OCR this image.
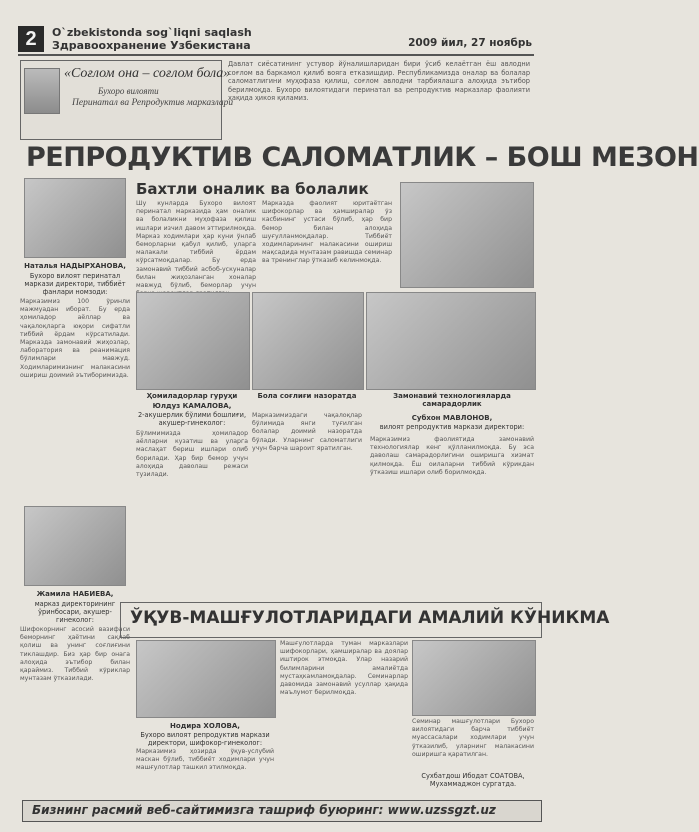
2	O`zbekistonda sog`liqni saqlash
Здравоохранение Узбекистана	2009 йил, 27 ноябрь
«Соғлом она – соғлом бола»
Бухоро вилояти
Перинатал ва Репродуктив марказлари
Давлат сиёсатининг устувор йўналишларидан бири ўсиб келаётган ёш авлодни соғлом ва баркамол қилиб вояга етказишдир. Республикамизда оналар ва болалар саломатлигини муҳофаза қилиш, соғлом авлодни тарбиялашга алоҳида эътибор берилмоқда. Бухоро вилоятидаги перинатал ва репродуктив марказлар фаолияти ҳақида ҳикоя қиламиз.
РЕПРОДУКТИВ САЛОМАТЛИК – БОШ МЕЗОН
Наталья НАДЫРХАНОВА,
Бухоро вилоят перинатал маркази директори, тиббиёт фанлари номзоди:
Марказимиз 100 ўринли мажмуадан иборат. Бу ерда ҳомиладор аёллар ва чақалоқларга юқори сифатли тиббий ёрдам кўрсатилади. Марказда замонавий жиҳозлар, лаборатория ва реанимация бўлимлари мавжуд. Ходимларимизнинг малакасини ошириш доимий эътиборимизда.
Жамила НАБИЕВА,
марказ директорининг ўринбосари, акушер-гинеколог:
Шифокорнинг асосий вазифаси беморнинг ҳаётини сақлаб қолиш ва унинг соғлиғини тиклашдир. Биз ҳар бир онага алоҳида эътибор билан қараймиз. Тиббий кўриклар мунтазам ўтказилади.
Бахтли оналик ва болалик
Шу кунларда Бухоро вилоят перинатал марказида ҳам оналик ва болаликни муҳофаза қилиш ишлари изчил давом эттирилмоқда. Марказ ходимлари ҳар куни ўнлаб беморларни қабул қилиб, уларга малакали тиббий ёрдам кўрсатмоқдалар. Бу ерда замонавий тиббий асбоб-ускуналар билан жиҳозланган хоналар мавжуд бўлиб, беморлар учун
Марказда фаолият юритаётган шифокорлар ва ҳамширалар ўз касбининг устаси бўлиб, ҳар бир бемор билан алоҳида шуғулланмоқдалар. Тиббиёт ходимларининг малакасини ошириш мақсадида мунтазам равишда семинар ва тренинглар ўтказиб келинмоқда.
Ҳомиладорлар гуруҳи
Юлдуз КАМАЛОВА,
2-акушерлик бўлими бошлиғи, акушер-гинеколог:
Бўлимимизда ҳомиладор аёлларни кузатиш ва уларга маслаҳат бериш ишлари олиб борилади. Ҳар бир бемор учун алоҳида даволаш режаси тузилади.
Бола соғлиғи назоратда
Марказимиздаги чақалоқлар бўлимида янги туғилган болалар доимий назоратда бўлади. Уларнинг саломатлиги учун барча шароит яратилган.
Замонавий технологияларда самарадорлик
Субхон МАВЛОНОВ,
вилоят репродуктив маркази директори:
Марказимиз фаолиятида замонавий технологиялар кенг қўлланилмоқда. Бу эса даволаш самарадорлигини оширишга хизмат қилмоқда. Ёш оилаларни тиббий кўрикдан ўтказиш ишлари олиб борилмоқда.
ЎҚУВ-МАШҒУЛОТЛАРИДАГИ АМАЛИЙ КЎНИКМА
Нодира ХОЛОВА,
Бухоро вилоят репродуктив маркази директори, шифокор-гинеколог:
Марказимиз ҳозирда ўқув-услубий маскан бўлиб, тиббиёт ходимлари учун машғулотлар ташкил этилмоқда.
Машғулотларда туман марказлари шифокорлари, ҳамширалар ва доялар иштирок этмоқда. Улар назарий билимларини амалиётда мустаҳкамламоқдалар. Семинарлар давомида замонавий усуллар ҳақида маълумот берилмоқда.
Семинар машғулотлари Бухоро вилоятидаги барча тиббиёт муассасалари ходимлари учун ўтказилиб, уларнинг малакасини оширишга қаратилган.
Сухбатдош Ибодат СОАТОВА, Мухаммаджон сургатда.
Бизнинг расмий веб-сайтимизга ташриф буюринг: www.uzssgzt.uz
